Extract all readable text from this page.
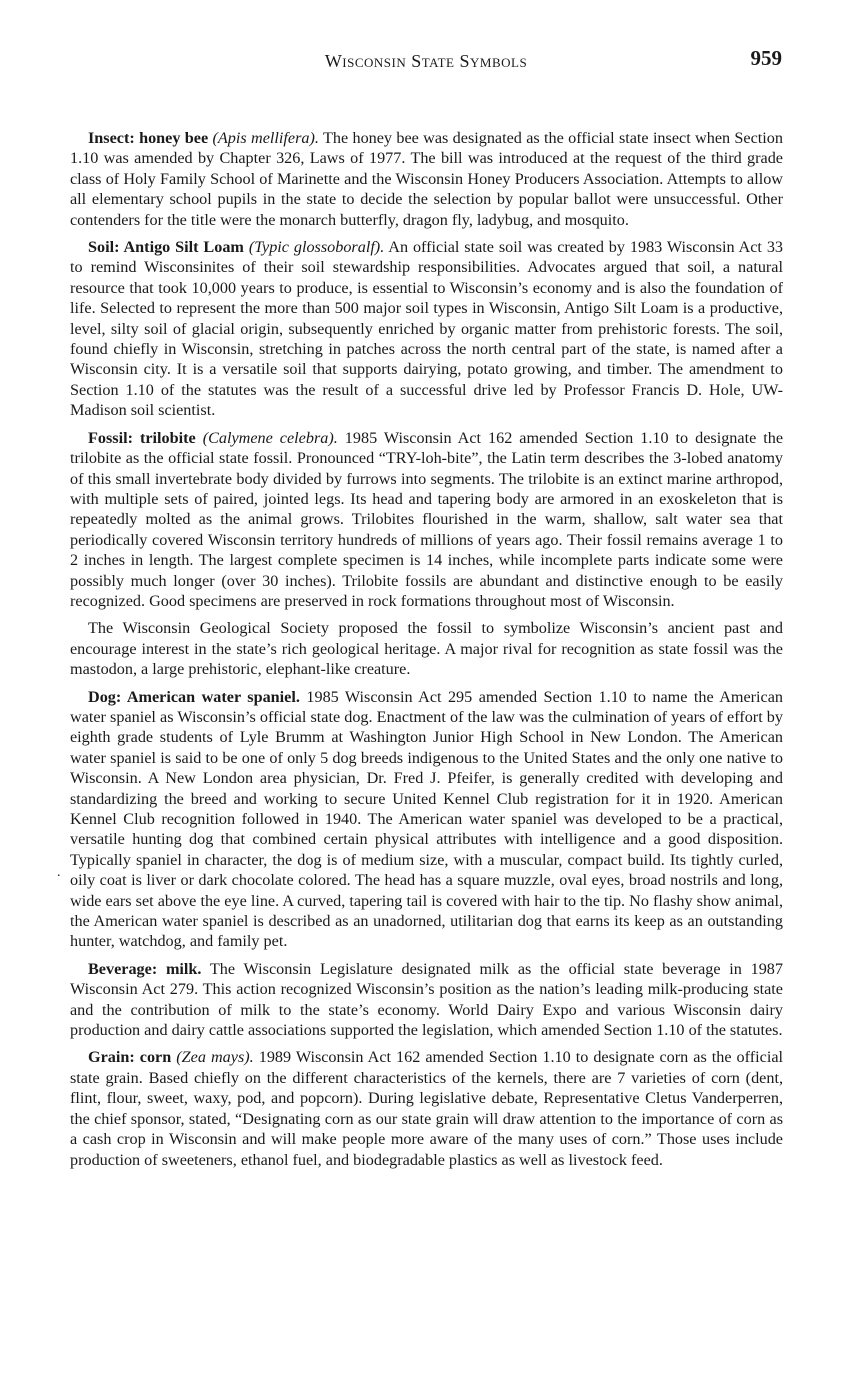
Wisconsin State Symbols	959
.

Insect: honey bee (Apis mellifera). The honey bee was designated as the official state insect when Section 1.10 was amended by Chapter 326, Laws of 1977. The bill was introduced at the request of the third grade class of Holy Family School of Marinette and the Wisconsin Honey Producers Association. Attempts to allow all elementary school pupils in the state to decide the selection by popular ballot were unsuccessful. Other contenders for the title were the monarch butterfly, dragon fly, ladybug, and mosquito.

Soil: Antigo Silt Loam (Typic glossoboralf). An official state soil was created by 1983 Wisconsin Act 33 to remind Wisconsinites of their soil stewardship responsibilities. Advocates argued that soil, a natural resource that took 10,000 years to produce, is essential to Wisconsin’s economy and is also the foundation of life. Selected to represent the more than 500 major soil types in Wisconsin, Antigo Silt Loam is a productive, level, silty soil of glacial origin, subsequently enriched by organic matter from prehistoric forests. The soil, found chiefly in Wisconsin, stretching in patches across the north central part of the state, is named after a Wisconsin city. It is a versatile soil that supports dairying, potato growing, and timber. The amendment to Section 1.10 of the statutes was the result of a successful drive led by Professor Francis D. Hole, UW-Madison soil scientist.

Fossil: trilobite (Calymene celebra). 1985 Wisconsin Act 162 amended Section 1.10 to designate the trilobite as the official state fossil. Pronounced “TRY-loh-bite”, the Latin term describes the 3-lobed anatomy of this small invertebrate body divided by furrows into segments. The trilobite is an extinct marine arthropod, with multiple sets of paired, jointed legs. Its head and tapering body are armored in an exoskeleton that is repeatedly molted as the animal grows. Trilobites flourished in the warm, shallow, salt water sea that periodically covered Wisconsin territory hundreds of millions of years ago. Their fossil remains average 1 to 2 inches in length. The largest complete specimen is 14 inches, while incomplete parts indicate some were possibly much longer (over 30 inches). Trilobite fossils are abundant and distinctive enough to be easily recognized. Good specimens are preserved in rock formations throughout most of Wisconsin.

The Wisconsin Geological Society proposed the fossil to symbolize Wisconsin’s ancient past and encourage interest in the state’s rich geological heritage. A major rival for recognition as state fossil was the mastodon, a large prehistoric, elephant-like creature.

Dog: American water spaniel. 1985 Wisconsin Act 295 amended Section 1.10 to name the American water spaniel as Wisconsin’s official state dog. Enactment of the law was the culmination of years of effort by eighth grade students of Lyle Brumm at Washington Junior High School in New London. The American water spaniel is said to be one of only 5 dog breeds indigenous to the United States and the only one native to Wisconsin. A New London area physician, Dr. Fred J. Pfeifer, is generally credited with developing and standardizing the breed and working to secure United Kennel Club registration for it in 1920. American Kennel Club recognition followed in 1940. The American water spaniel was developed to be a practical, versatile hunting dog that combined certain physical attributes with intelligence and a good disposition. Typically spaniel in character, the dog is of medium size, with a muscular, compact build. Its tightly curled, oily coat is liver or dark chocolate colored. The head has a square muzzle, oval eyes, broad nostrils and long, wide ears set above the eye line. A curved, tapering tail is covered with hair to the tip. No flashy show animal, the American water spaniel is described as an unadorned, utilitarian dog that earns its keep as an outstanding hunter, watchdog, and family pet.

Beverage: milk. The Wisconsin Legislature designated milk as the official state beverage in 1987 Wisconsin Act 279. This action recognized Wisconsin’s position as the nation’s leading milk-producing state and the contribution of milk to the state’s economy. World Dairy Expo and various Wisconsin dairy production and dairy cattle associations supported the legislation, which amended Section 1.10 of the statutes.

Grain: corn (Zea mays). 1989 Wisconsin Act 162 amended Section 1.10 to designate corn as the official state grain. Based chiefly on the different characteristics of the kernels, there are 7 varieties of corn (dent, flint, flour, sweet, waxy, pod, and popcorn). During legislative debate, Representative Cletus Vanderperren, the chief sponsor, stated, “Designating corn as our state grain will draw attention to the importance of corn as a cash crop in Wisconsin and will make people more aware of the many uses of corn.” Those uses include production of sweeteners, ethanol fuel, and biodegradable plastics as well as livestock feed.
